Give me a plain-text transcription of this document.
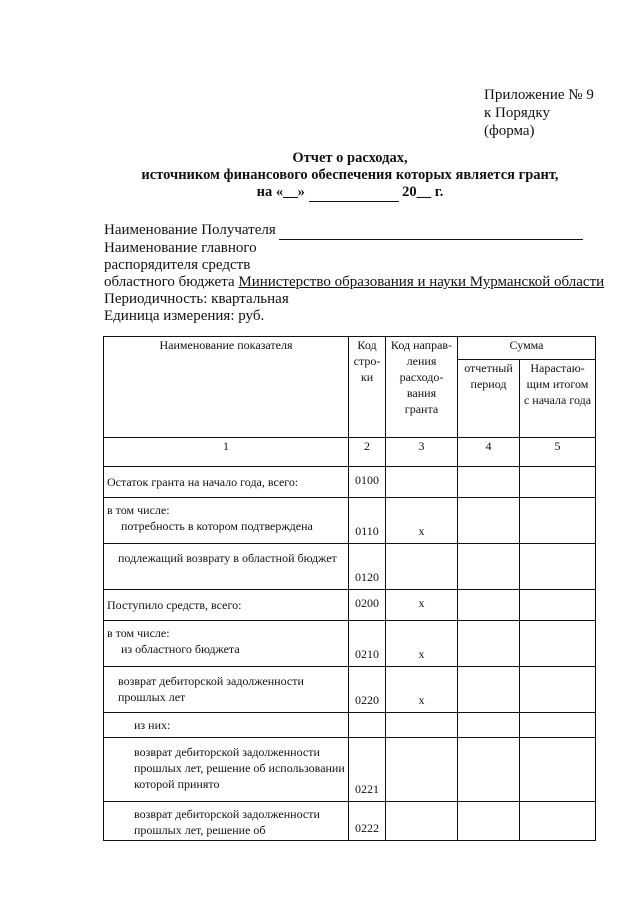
Приложение № 9
к Порядку
(форма)
Отчет о расходах,
источником финансового обеспечения которых является грант,
на «__»	20__ г.
Наименование Получателя
Наименование главного
распорядителя средств
областного бюджета Министерство образования и науки Мурманской области
Периодичность: квартальная
Единица измерения: руб.
Наименование показателя	Код стро-ки	Код направ-ления расходо-вания гранта	Сумма	
			отчетный период	Нарастаю-щим итогом с начала года
1	2	3	4	5
Остаток гранта на начало года, всего:	0100			

в том числе:
потребность в котором подтверждена	0110	x		
подлежащий возврату в областной бюджет	0120			
Поступило средств, всего:	0200	x		

в том числе:
из областного бюджета	0210	x		
возврат дебиторской задолженности прошлых лет	0220	x		
из них:				
возврат дебиторской задолженности прошлых лет, решение об использовании которой принято	0221			
возврат дебиторской задолженности прошлых лет, решение об	0222			
